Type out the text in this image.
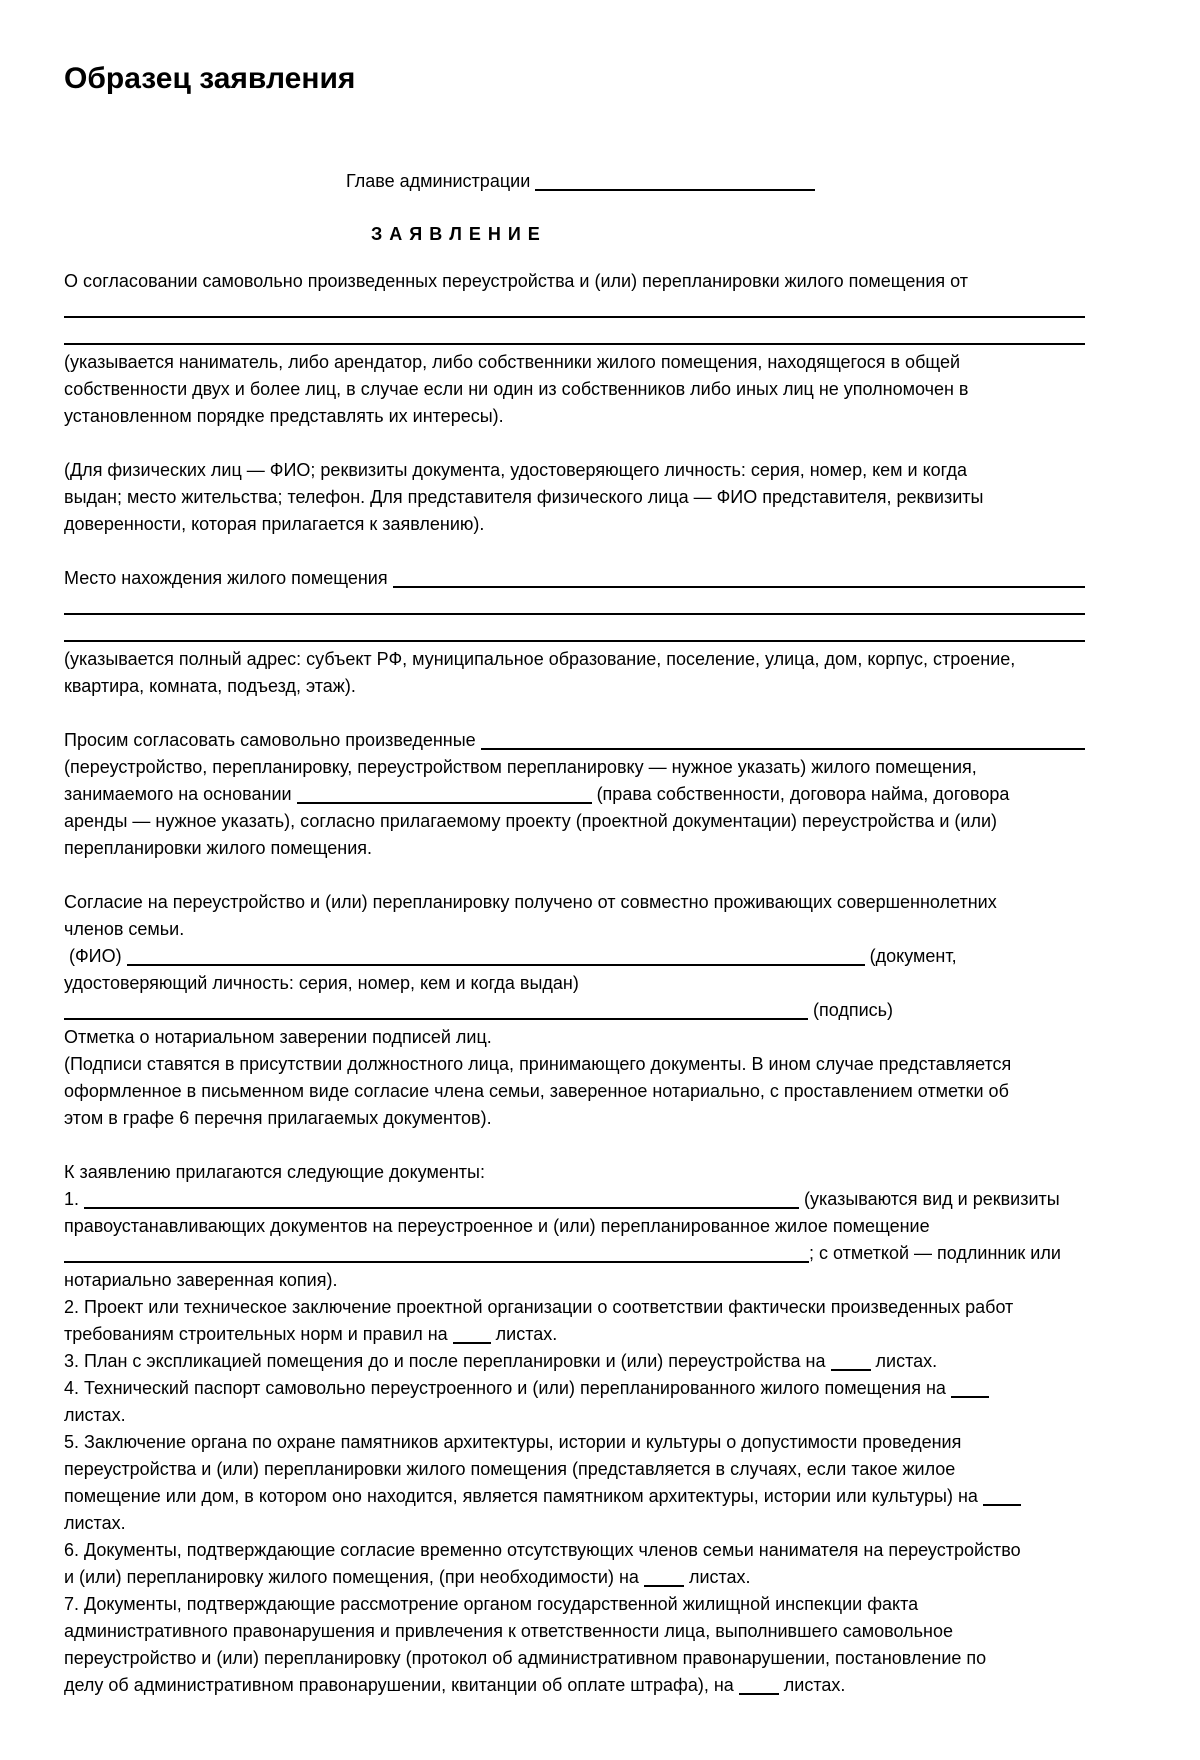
Образец заявления
Главе администрации
З А Я В Л Е Н И Е
О согласовании самовольно произведенных переустройства и (или) перепланировки жилого помещения от
(указывается наниматель, либо арендатор, либо собственники жилого помещения, находящегося в общей
собственности двух и более лиц, в случае если ни один из собственников либо иных лиц не уполномочен в
установленном порядке представлять их интересы).
(Для физических лиц — ФИО; реквизиты документа, удостоверяющего личность: серия, номер, кем и когда
выдан; место жительства; телефон. Для представителя физического лица — ФИО представителя, реквизиты
доверенности, которая прилагается к заявлению).
Место нахождения жилого помещения
(указывается полный адрес: субъект РФ, муниципальное образование, поселение, улица, дом, корпус, строение,
квартира, комната, подъезд, этаж).
Просим согласовать самовольно произведенные
(переустройство, перепланировку, переустройством перепланировку — нужное указать) жилого помещения,
занимаемого на основании	(права собственности, договора найма, договора
аренды — нужное указать), согласно прилагаемому проекту (проектной документации) переустройства и (или)
перепланировки жилого помещения.
Согласие на переустройство и (или) перепланировку получено от совместно проживающих совершеннолетних
членов семьи.
(ФИО)	(документ,
удостоверяющий личность: серия, номер, кем и когда выдан)
(подпись)
Отметка о нотариальном заверении подписей лиц.
(Подписи ставятся в присутствии должностного лица, принимающего документы. В ином случае представляется
оформленное в письменном виде согласие члена семьи, заверенное нотариально, с проставлением отметки об
этом в графе 6 перечня прилагаемых документов).
К заявлению прилагаются следующие документы:
1.	(указываются вид и реквизиты
правоустанавливающих документов на переустроенное и (или) перепланированное жилое помещение
; с отметкой — подлинник или
нотариально заверенная копия).
2. Проект или техническое заключение проектной организации о соответствии фактически произведенных работ
требованиям строительных норм и правил на листах.
3. План с экспликацией помещения до и после перепланировки и (или) переустройства на листах.
4. Технический паспорт самовольно переустроенного и (или) перепланированного жилого помещения на
листах.
5. Заключение органа по охране памятников архитектуры, истории и культуры о допустимости проведения
переустройства и (или) перепланировки жилого помещения (представляется в случаях, если такое жилое
помещение или дом, в котором оно находится, является памятником архитектуры, истории или культуры) на
листах.
6. Документы, подтверждающие согласие временно отсутствующих членов семьи нанимателя на переустройство
и (или) перепланировку жилого помещения, (при необходимости) на листах.
7. Документы, подтверждающие рассмотрение органом государственной жилищной инспекции факта
административного правонарушения и привлечения к ответственности лица, выполнившего самовольное
переустройство и (или) перепланировку (протокол об административном правонарушении, постановление по
делу об административном правонарушении, квитанции об оплате штрафа), на листах.
